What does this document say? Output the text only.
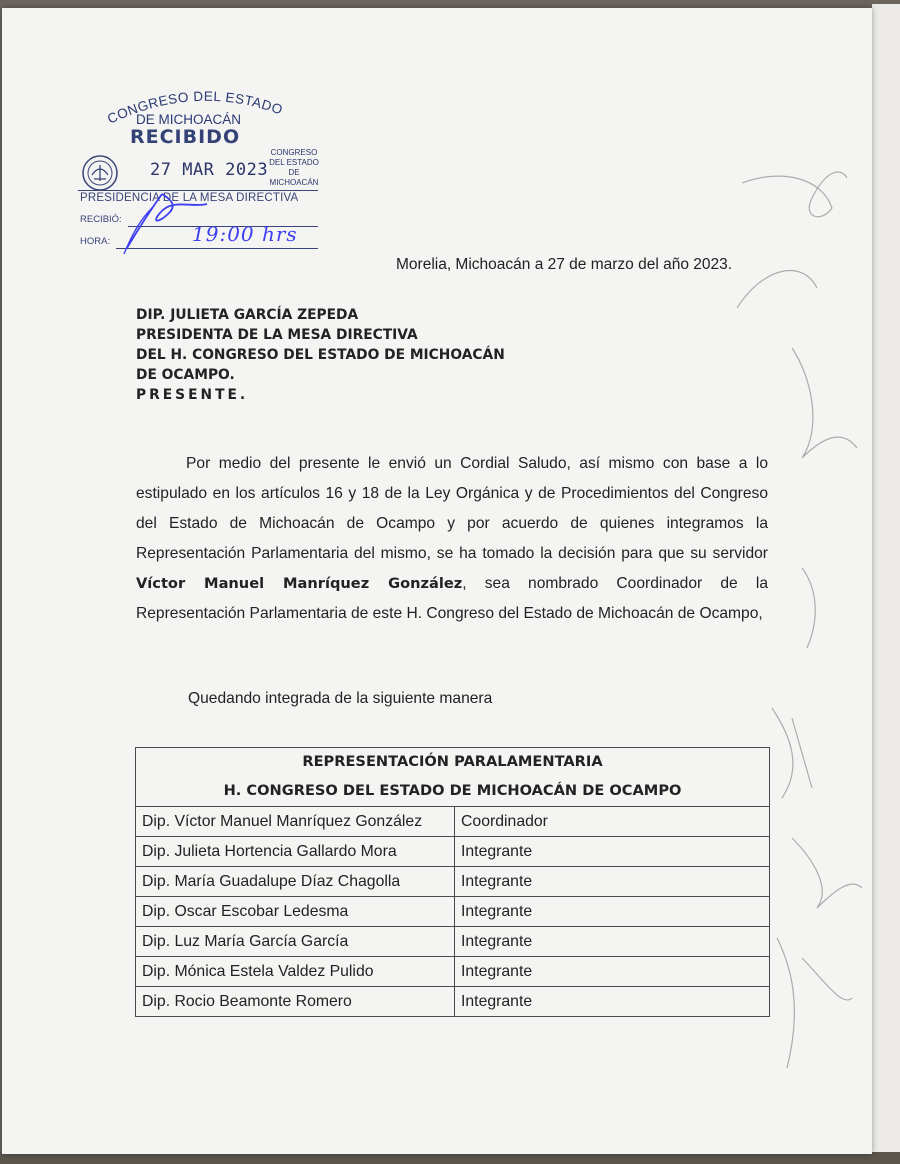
CONGRESO DEL ESTADO
DE MICHOACÁN
RECIBIDO
27 MAR 2023
CONGRESO
DEL ESTADO
DE MICHOACÁN
PRESIDENCIA DE LA MESA DIRECTIVA
RECIBIÓ:
HORA:	19:00 hrs
Morelia, Michoacán a 27 de marzo del año 2023.
DIP. JULIETA GARCÍA ZEPEDA
PRESIDENTA DE LA MESA DIRECTIVA
DEL H. CONGRESO DEL ESTADO DE MICHOACÁN
DE OCAMPO.
PRESENTE.
Por medio del presente le envió un Cordial Saludo, así mismo con base a lo estipulado en los artículos 16 y 18 de la Ley Orgánica y de Procedimientos del Congreso del Estado de Michoacán de Ocampo y por acuerdo de quienes integramos la Representación Parlamentaria del mismo, se ha tomado la decisión para que su servidor Víctor Manuel Manríquez González, sea nombrado Coordinador de la Representación Parlamentaria de este H. Congreso del Estado de Michoacán de Ocampo,
Quedando integrada de la siguiente manera
REPRESENTACIÓN PARALAMENTARIA	
H. CONGRESO DEL ESTADO DE MICHOACÁN DE OCAMPO	
Dip. Víctor Manuel Manríquez González	Coordinador
Dip. Julieta Hortencia Gallardo Mora	Integrante
Dip. María Guadalupe Díaz Chagolla	Integrante
Dip. Oscar Escobar Ledesma	Integrante
Dip. Luz María García García	Integrante
Dip. Mónica Estela Valdez Pulido	Integrante
Dip. Rocio Beamonte Romero	Integrante
